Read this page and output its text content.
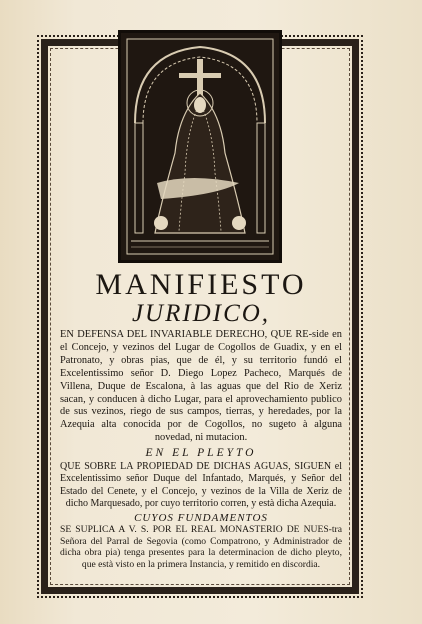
MANIFIESTO
JURIDICO,

EN DEFENSA DEL INVARIABLE DERECHO, QUE RE-side en el Concejo, y vezinos del Lugar de Cogollos de Guadix, y en el Patronato, y obras pias, que de él, y su territorio fundó el Excelentissimo señor D. Diego Lopez Pacheco, Marqués de Villena, Duque de Escalona, à las aguas que del Rio de Xeriz sacan, y conducen à dicho Lugar, para el aprovechamiento publico de sus vezinos, riego de sus campos, tierras, y heredades, por la Azequia alta conocida por de Cogollos, no sugeto à alguna novedad, ni mutacion.

EN EL PLEYTO

QUE SOBRE LA PROPIEDAD DE DICHAS AGUAS, SIGUEN el Excelentissimo señor Duque del Infantado, Marqués, y Señor del Estado del Cenete, y el Concejo, y vezinos de la Villa de Xeriz de dicho Marquesado, por cuyo territorio corren, y està dicha Azequia.

CUYOS FUNDAMENTOS

SE SUPLICA A V. S. POR EL REAL MONASTERIO DE NUES-tra Señora del Parral de Segovia (como Compatrono, y Administrador de dicha obra pia) tenga presentes para la determinacion de dicho pleyto, que està visto en la primera Instancia, y remitido en discordia.
